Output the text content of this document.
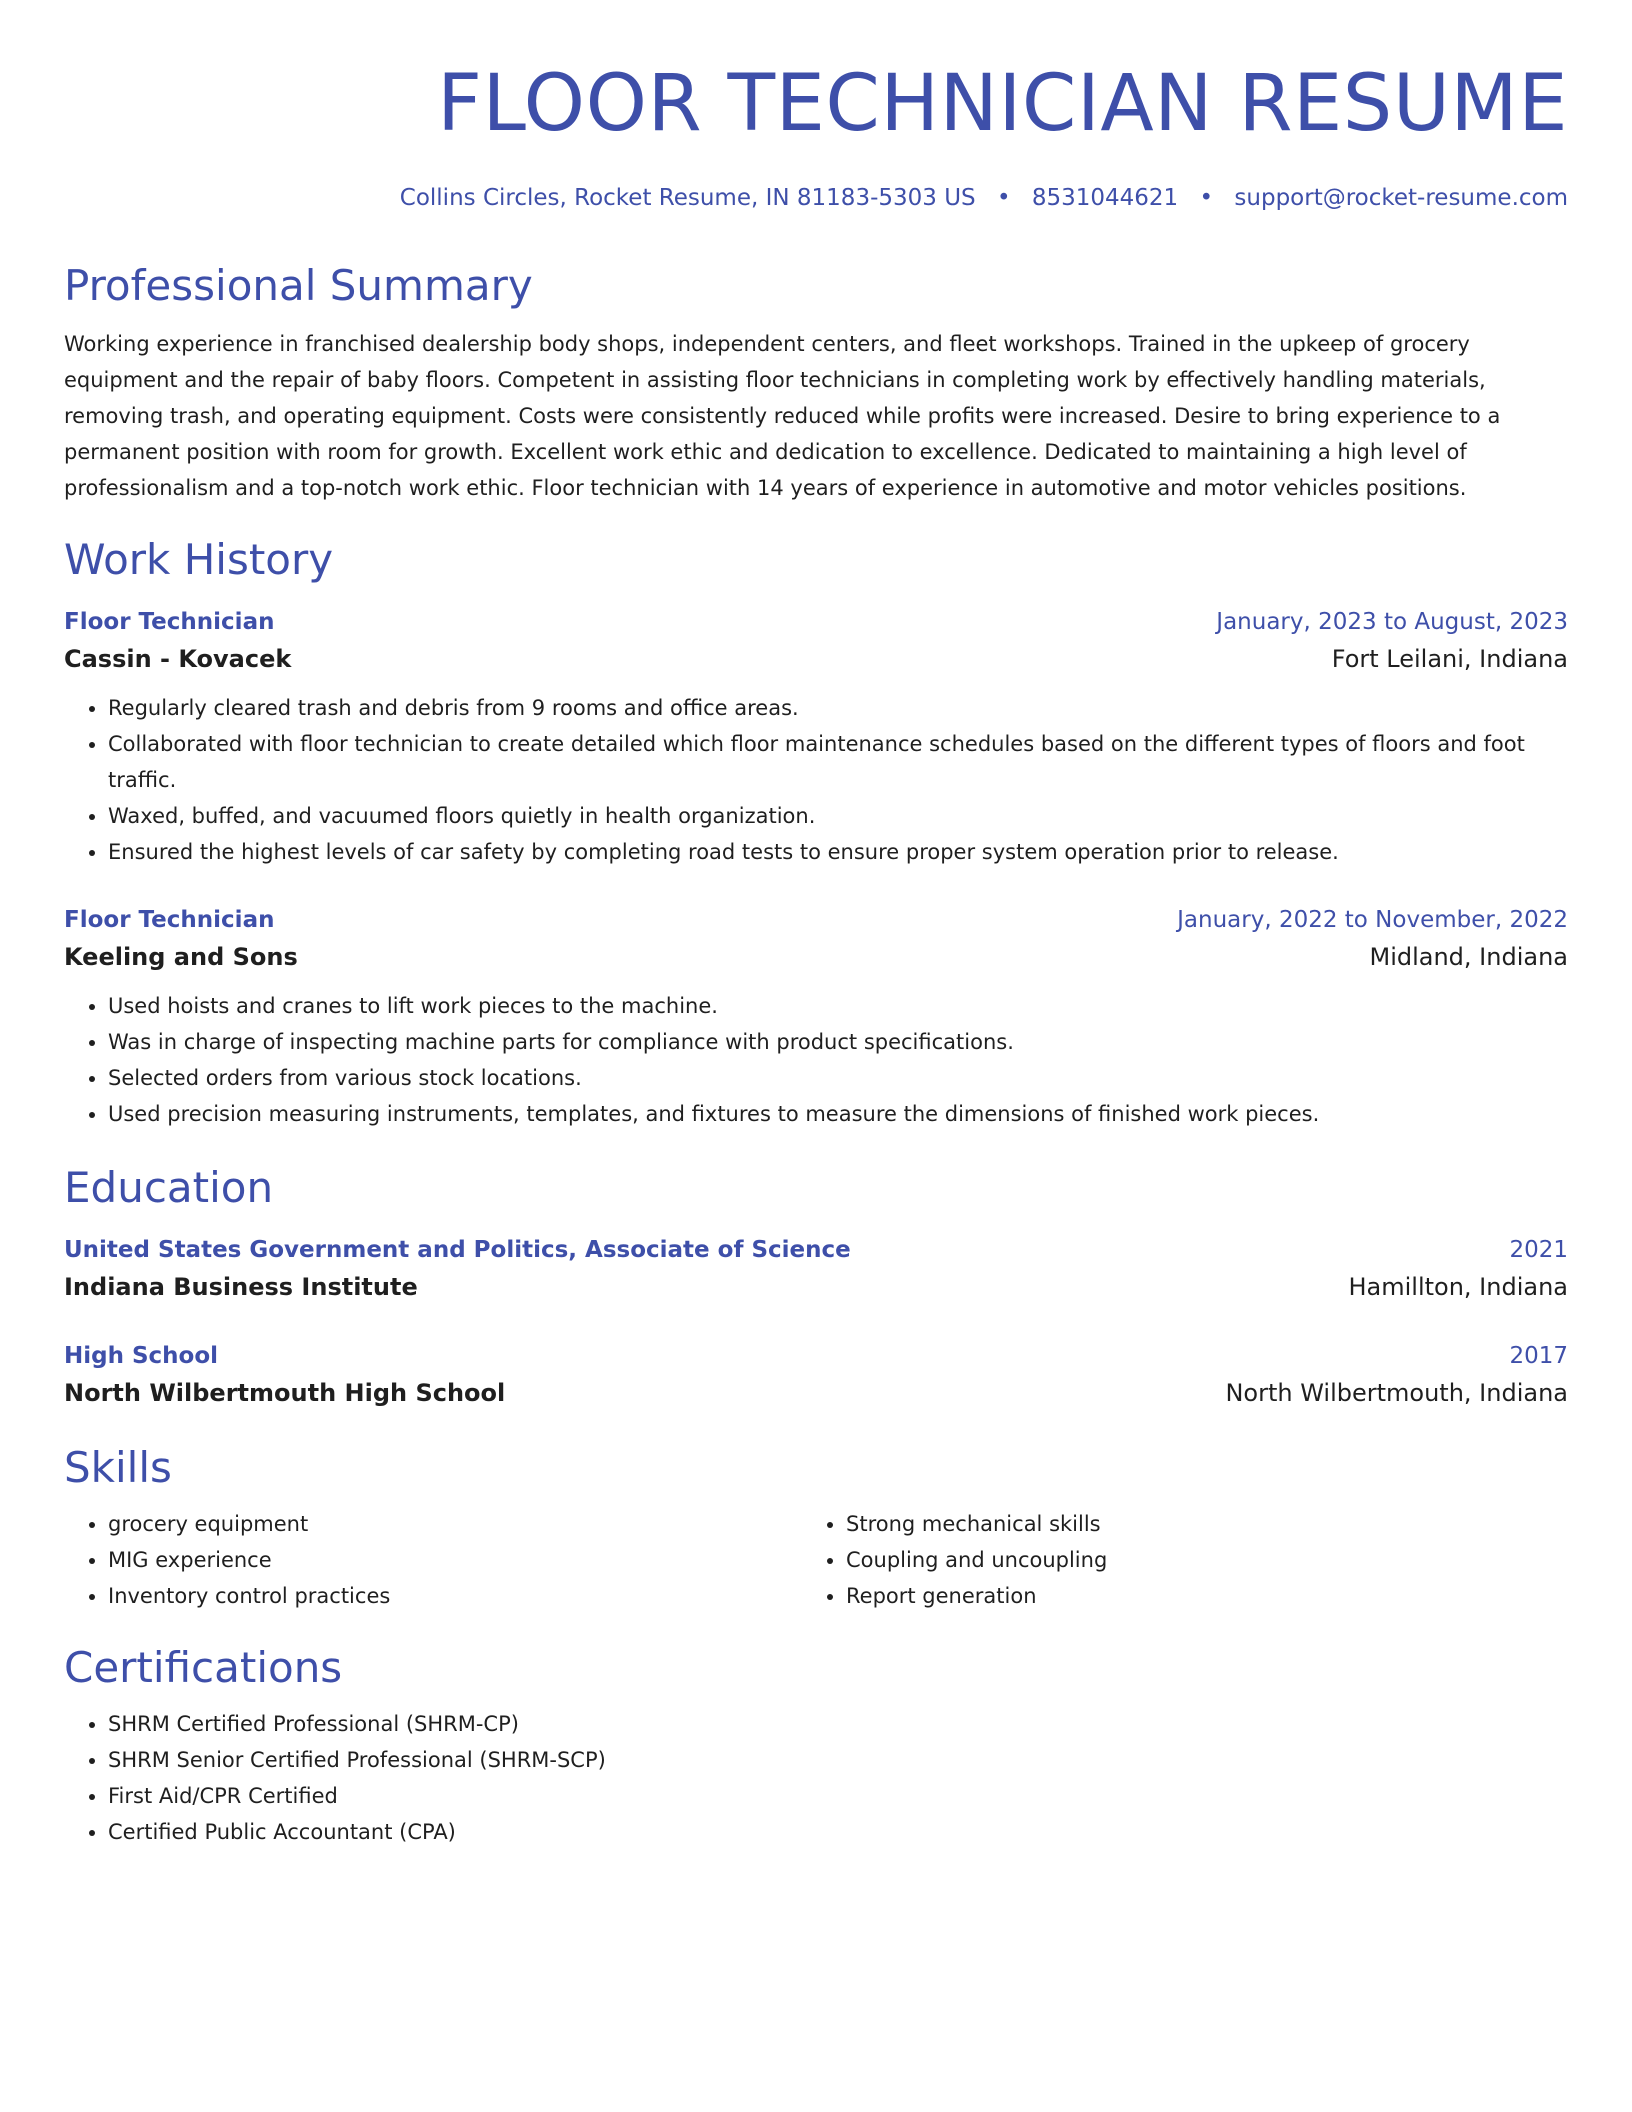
FLOOR TECHNICIAN RESUME
Collins Circles, Rocket Resume, IN 81183-5303 US • 8531044621 • support@rocket-resume.com
Professional Summary

Working experience in franchised dealership body shops, independent centers, and fleet workshops. Trained in the upkeep of grocery equipment and the repair of baby floors. Competent in assisting floor technicians in completing work by effectively handling materials, removing trash, and operating equipment. Costs were consistently reduced while profits were increased. Desire to bring experience to a permanent position with room for growth. Excellent work ethic and dedication to excellence. Dedicated to maintaining a high level of professionalism and a top-notch work ethic. Floor technician with 14 years of experience in automotive and motor vehicles positions.

Work History
Floor Technician	January, 2023 to August, 2023
Cassin - Kovacek	Fort Leilani, Indiana
• Regularly cleared trash and debris from 9 rooms and office areas.
• Collaborated with floor technician to create detailed which floor maintenance schedules based on the different types of floors and foot traffic.
• Waxed, buffed, and vacuumed floors quietly in health organization.
• Ensured the highest levels of car safety by completing road tests to ensure proper system operation prior to release.
Floor Technician	January, 2022 to November, 2022
Keeling and Sons	Midland, Indiana
• Used hoists and cranes to lift work pieces to the machine.
• Was in charge of inspecting machine parts for compliance with product specifications.
• Selected orders from various stock locations.
• Used precision measuring instruments, templates, and fixtures to measure the dimensions of finished work pieces.
Education
United States Government and Politics, Associate of Science	2021
Indiana Business Institute	Hamillton, Indiana
High School	2017
North Wilbertmouth High School	North Wilbertmouth, Indiana
Skills
• grocery equipment
• MIG experience
• Inventory control practices
• Strong mechanical skills
• Coupling and uncoupling
• Report generation
Certifications
• SHRM Certified Professional (SHRM-CP)
• SHRM Senior Certified Professional (SHRM-SCP)
• First Aid/CPR Certified
• Certified Public Accountant (CPA)
